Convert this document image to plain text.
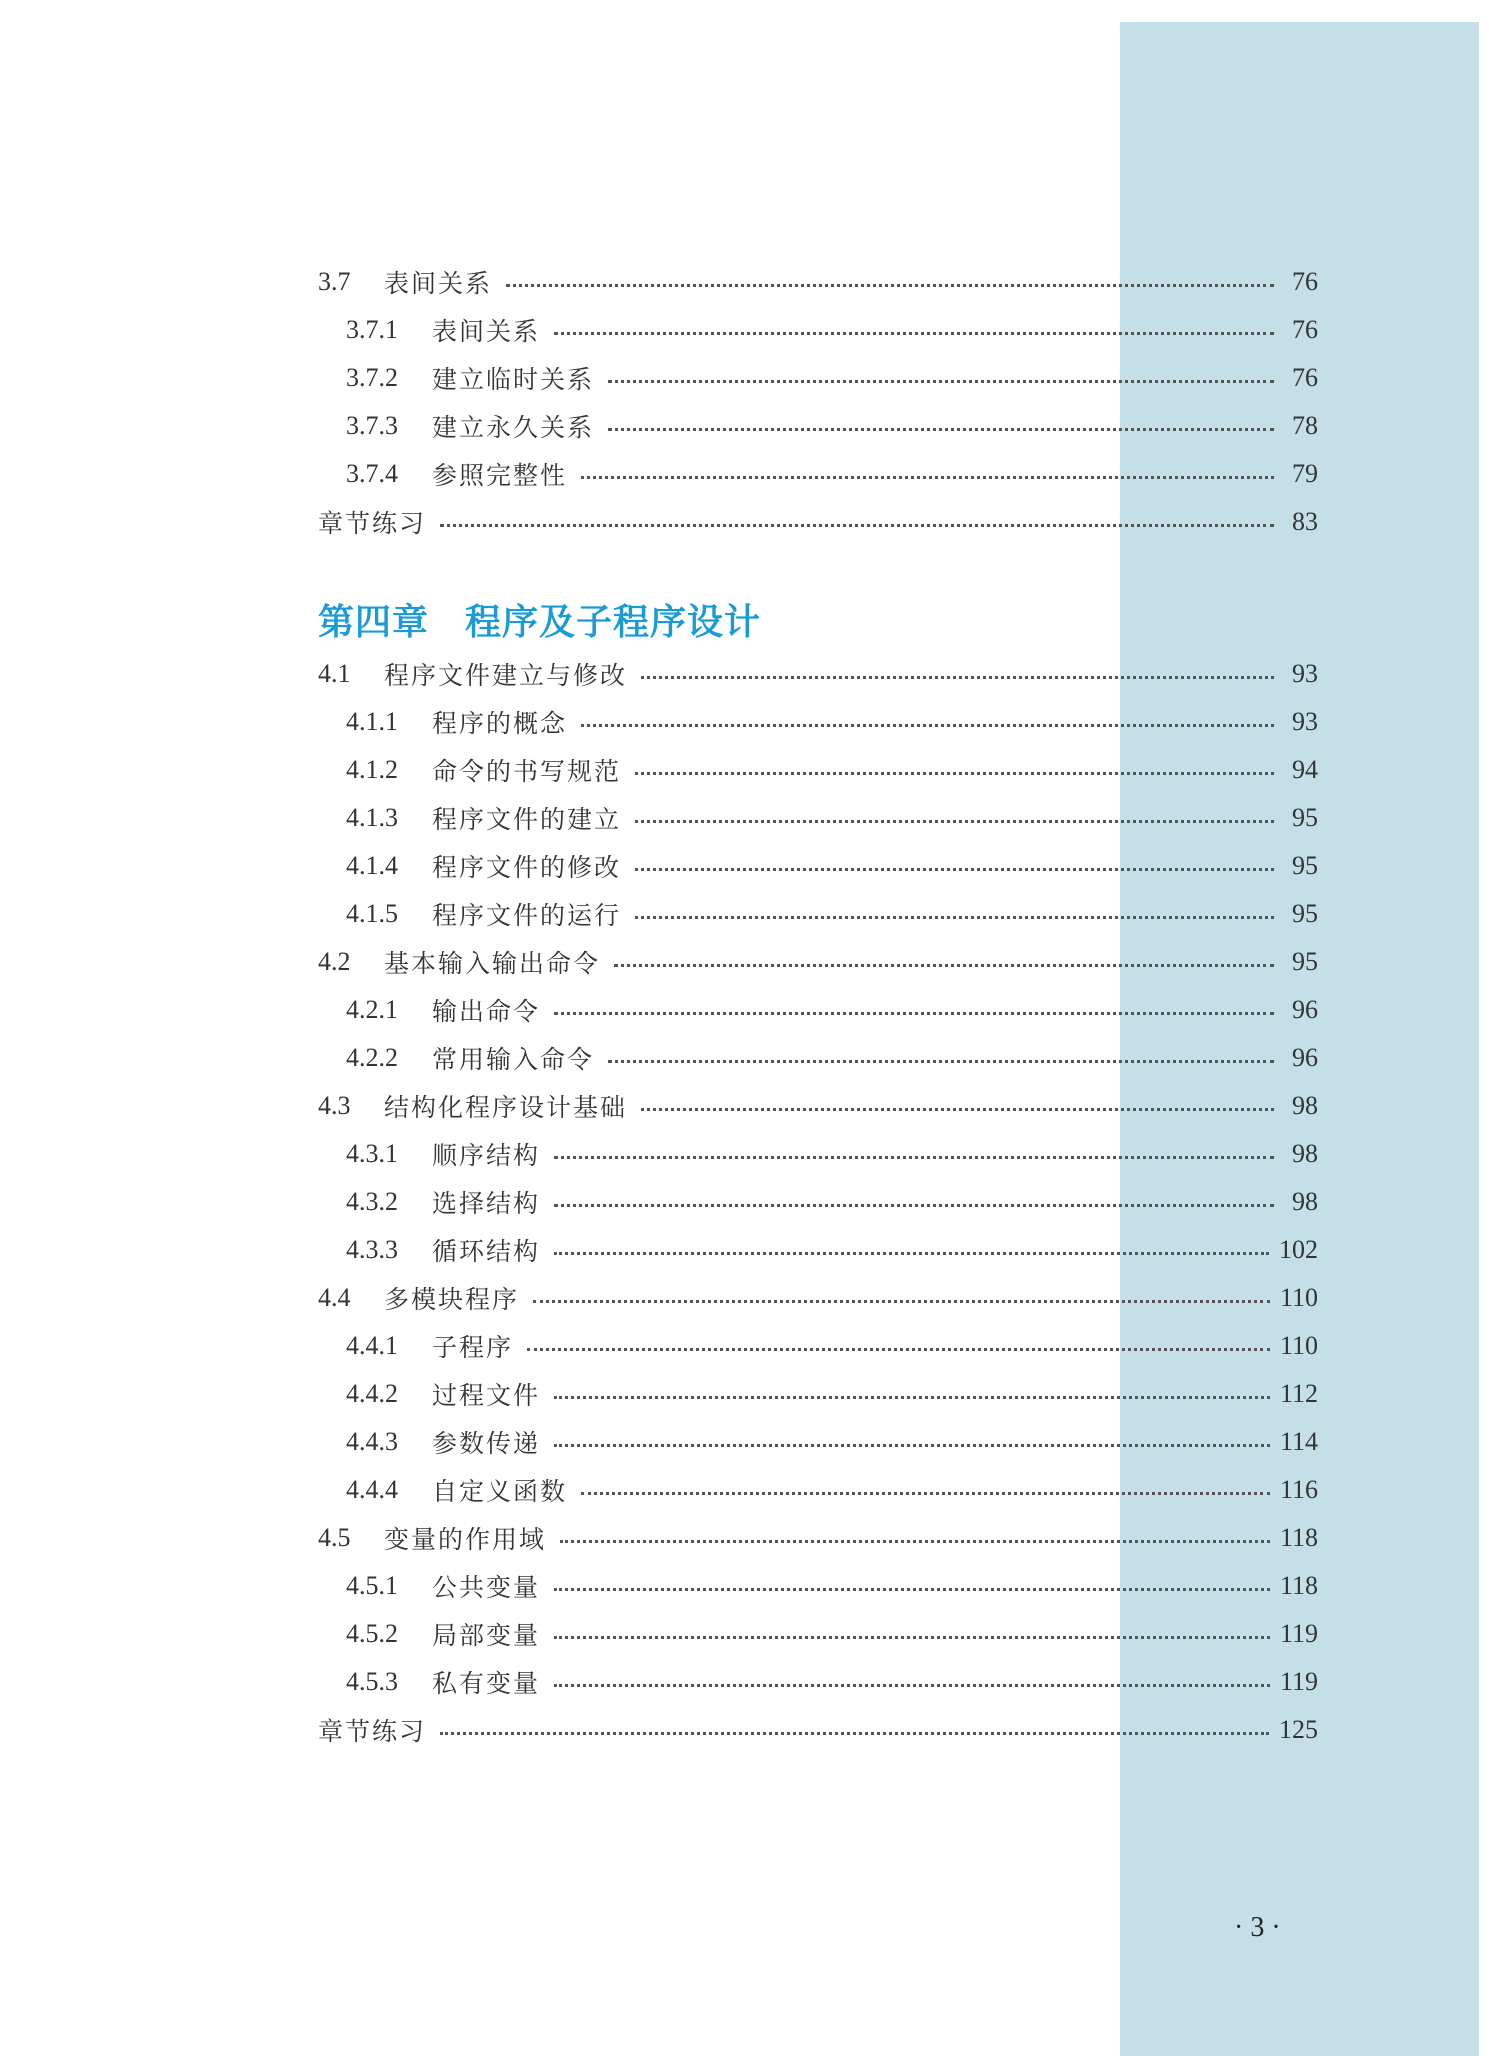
3.7	表间关系	76
3.7.1	表间关系	76
3.7.2	建立临时关系	76
3.7.3	建立永久关系	78
3.7.4	参照完整性	79
章节练习	83
第四章 程序及子程序设计
4.1	程序文件建立与修改	93
4.1.1	程序的概念	93
4.1.2	命令的书写规范	94
4.1.3	程序文件的建立	95
4.1.4	程序文件的修改	95
4.1.5	程序文件的运行	95
4.2	基本输入输出命令	95
4.2.1	输出命令	96
4.2.2	常用输入命令	96
4.3	结构化程序设计基础	98
4.3.1	顺序结构	98
4.3.2	选择结构	98
4.3.3	循环结构	102
4.4	多模块程序	110
4.4.1	子程序	110
4.4.2	过程文件	112
4.4.3	参数传递	114
4.4.4	自定义函数	116
4.5	变量的作用域	118
4.5.1	公共变量	118
4.5.2	局部变量	119
4.5.3	私有变量	119
章节练习	125
· 3 ·
